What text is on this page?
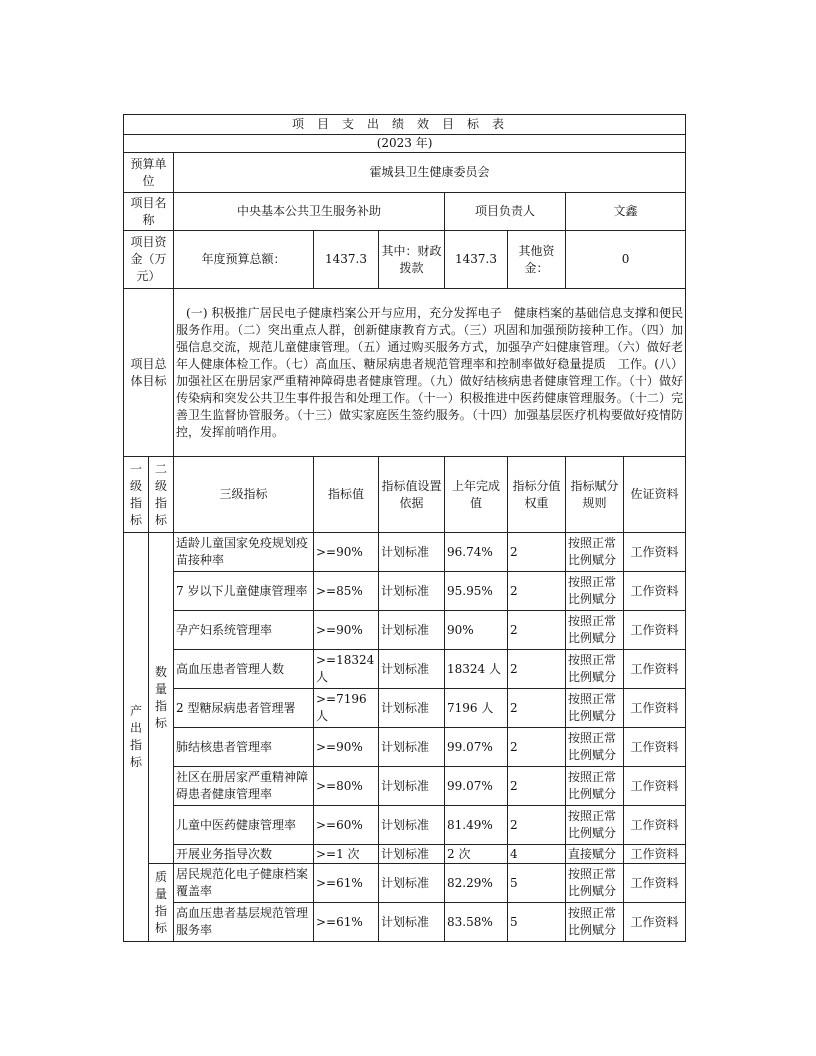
项目支出绩效目标表								
(2023 年)								
预算单位		霍城县卫生健康委员会						
项目名称		中央基本公共卫生服务补助			项目负责人		文鑫	
项目资金（万元）		年度预算总额：	1437.3	其中：财政拨款	1437.3	其他资金：	0	
项目总体目标		(一) 积极推广居民电子健康档案公开与应用，充分发挥电子　健康档案的基础信息支撑和便民服务作用。（二）突出重点人群，创新健康教育方式。（三）巩固和加强预防接种工作。（四）加强信息交流，规范儿童健康管理。（五）通过购买服务方式，加强孕产妇健康管理。（六）做好老年人健康体检工作。（七）高血压、糖尿病患者规范管理率和控制率做好稳量提质　工作。(八）加强社区在册居家严重精神障碍患者健康管理。（九）做好结核病患者健康管理工作。（十）做好传染病和突发公共卫生事件报告和处理工作。（十一）积极推进中医药健康管理服务。（十二）完善卫生监督协管服务。（十三）做实家庭医生签约服务。（十四）加强基层医疗机构要做好疫情防控，发挥前哨作用。						
一级指标	二级指标	三级指标	指标值	指标值设置依据	上年完成值	指标分值权重	指标赋分规则	佐证资料
产出指标	数量指标	适龄儿童国家免疫规划疫苗接种率	>=90%	计划标准	96.74%	2	按照正常比例赋分	工作资料
		7 岁以下儿童健康管理率	>=85%	计划标准	95.95%	2	按照正常比例赋分	工作资料
		孕产妇系统管理率	>=90%	计划标准	90%	2	按照正常比例赋分	工作资料
		高血压患者管理人数	>=18324 人	计划标准	18324 人	2	按照正常比例赋分	工作资料
		2 型糖尿病患者管理署	>=7196 人	计划标准	7196 人	2	按照正常比例赋分	工作资料
		肺结核患者管理率	>=90%	计划标准	99.07%	2	按照正常比例赋分	工作资料
		社区在册居家严重精神障碍患者健康管理率	>=80%	计划标准	99.07%	2	按照正常比例赋分	工作资料
		儿童中医药健康管理率	>=60%	计划标准	81.49%	2	按照正常比例赋分	工作资料
		开展业务指导次数	>=1 次	计划标准	2 次	4	直接赋分	工作资料
	质量指标	居民规范化电子健康档案覆盖率	>=61%	计划标准	82.29%	5	按照正常比例赋分	工作资料
		高血压患者基层规范管理服务率	>=61%	计划标准	83.58%	5	按照正常比例赋分	工作资料
